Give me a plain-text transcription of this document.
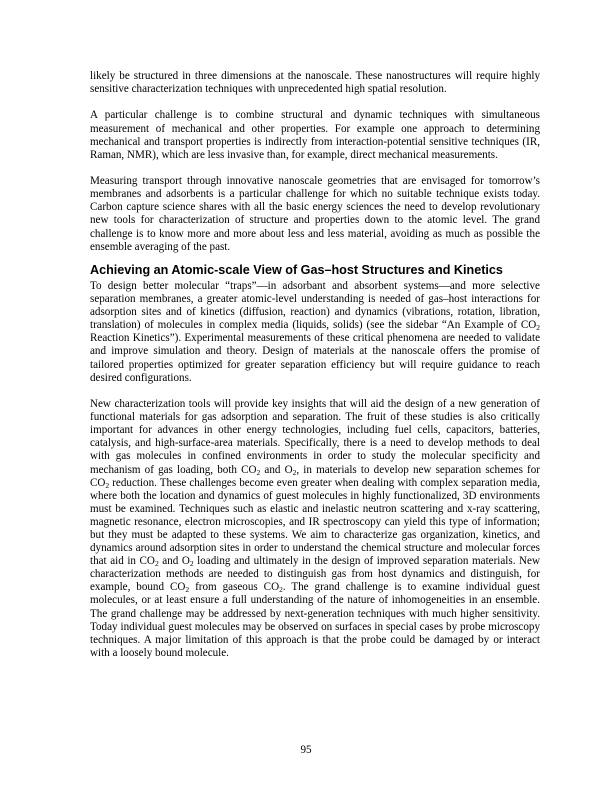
likely be structured in three dimensions at the nanoscale. These nanostructures will require highly sensitive characterization techniques with unprecedented high spatial resolution.

A particular challenge is to combine structural and dynamic techniques with simultaneous measurement of mechanical and other properties. For example one approach to determining mechanical and transport properties is indirectly from interaction-potential sensitive techniques (IR, Raman, NMR), which are less invasive than, for example, direct mechanical measurements.

Measuring transport through innovative nanoscale geometries that are envisaged for tomorrow’s membranes and adsorbents is a particular challenge for which no suitable technique exists today. Carbon capture science shares with all the basic energy sciences the need to develop revolutionary new tools for characterization of structure and properties down to the atomic level. The grand challenge is to know more and more about less and less material, avoiding as much as possible the ensemble averaging of the past.

Achieving an Atomic-scale View of Gas–host Structures and Kinetics

To design better molecular “traps”—in adsorbant and absorbent systems—and more selective separation membranes, a greater atomic-level understanding is needed of gas–host interactions for adsorption sites and of kinetics (diffusion, reaction) and dynamics (vibrations, rotation, libration, translation) of molecules in complex media (liquids, solids) (see the sidebar “An Example of $CO_2$ Reaction Kinetics”). Experimental measurements of these critical phenomena are needed to validate and improve simulation and theory. Design of materials at the nanoscale offers the promise of tailored properties optimized for greater separation efficiency but will require guidance to reach desired configurations.

New characterization tools will provide key insights that will aid the design of a new generation of functional materials for gas adsorption and separation. The fruit of these studies is also critically important for advances in other energy technologies, including fuel cells, capacitors, batteries, catalysis, and high-surface-area materials. Specifically, there is a need to develop methods to deal with gas molecules in confined environments in order to study the molecular specificity and mechanism of gas loading, both $CO_2$ and $O_2$, in materials to develop new separation schemes for $CO_2$ reduction. These challenges become even greater when dealing with complex separation media, where both the location and dynamics of guest molecules in highly functionalized, 3D environments must be examined. Techniques such as elastic and inelastic neutron scattering and x-ray scattering, magnetic resonance, electron microscopies, and IR spectroscopy can yield this type of information; but they must be adapted to these systems. We aim to characterize gas organization, kinetics, and dynamics around adsorption sites in order to understand the chemical structure and molecular forces that aid in $CO_2$ and $O_2$ loading and ultimately in the design of improved separation materials. New characterization methods are needed to distinguish gas from host dynamics and distinguish, for example, bound $CO_2$ from gaseous $CO_2$. The grand challenge is to examine individual guest molecules, or at least ensure a full understanding of the nature of inhomogeneities in an ensemble. The grand challenge may be addressed by next-generation techniques with much higher sensitivity. Today individual guest molecules may be observed on surfaces in special cases by probe microscopy techniques. A major limitation of this approach is that the probe could be damaged by or interact with a loosely bound molecule.

95
